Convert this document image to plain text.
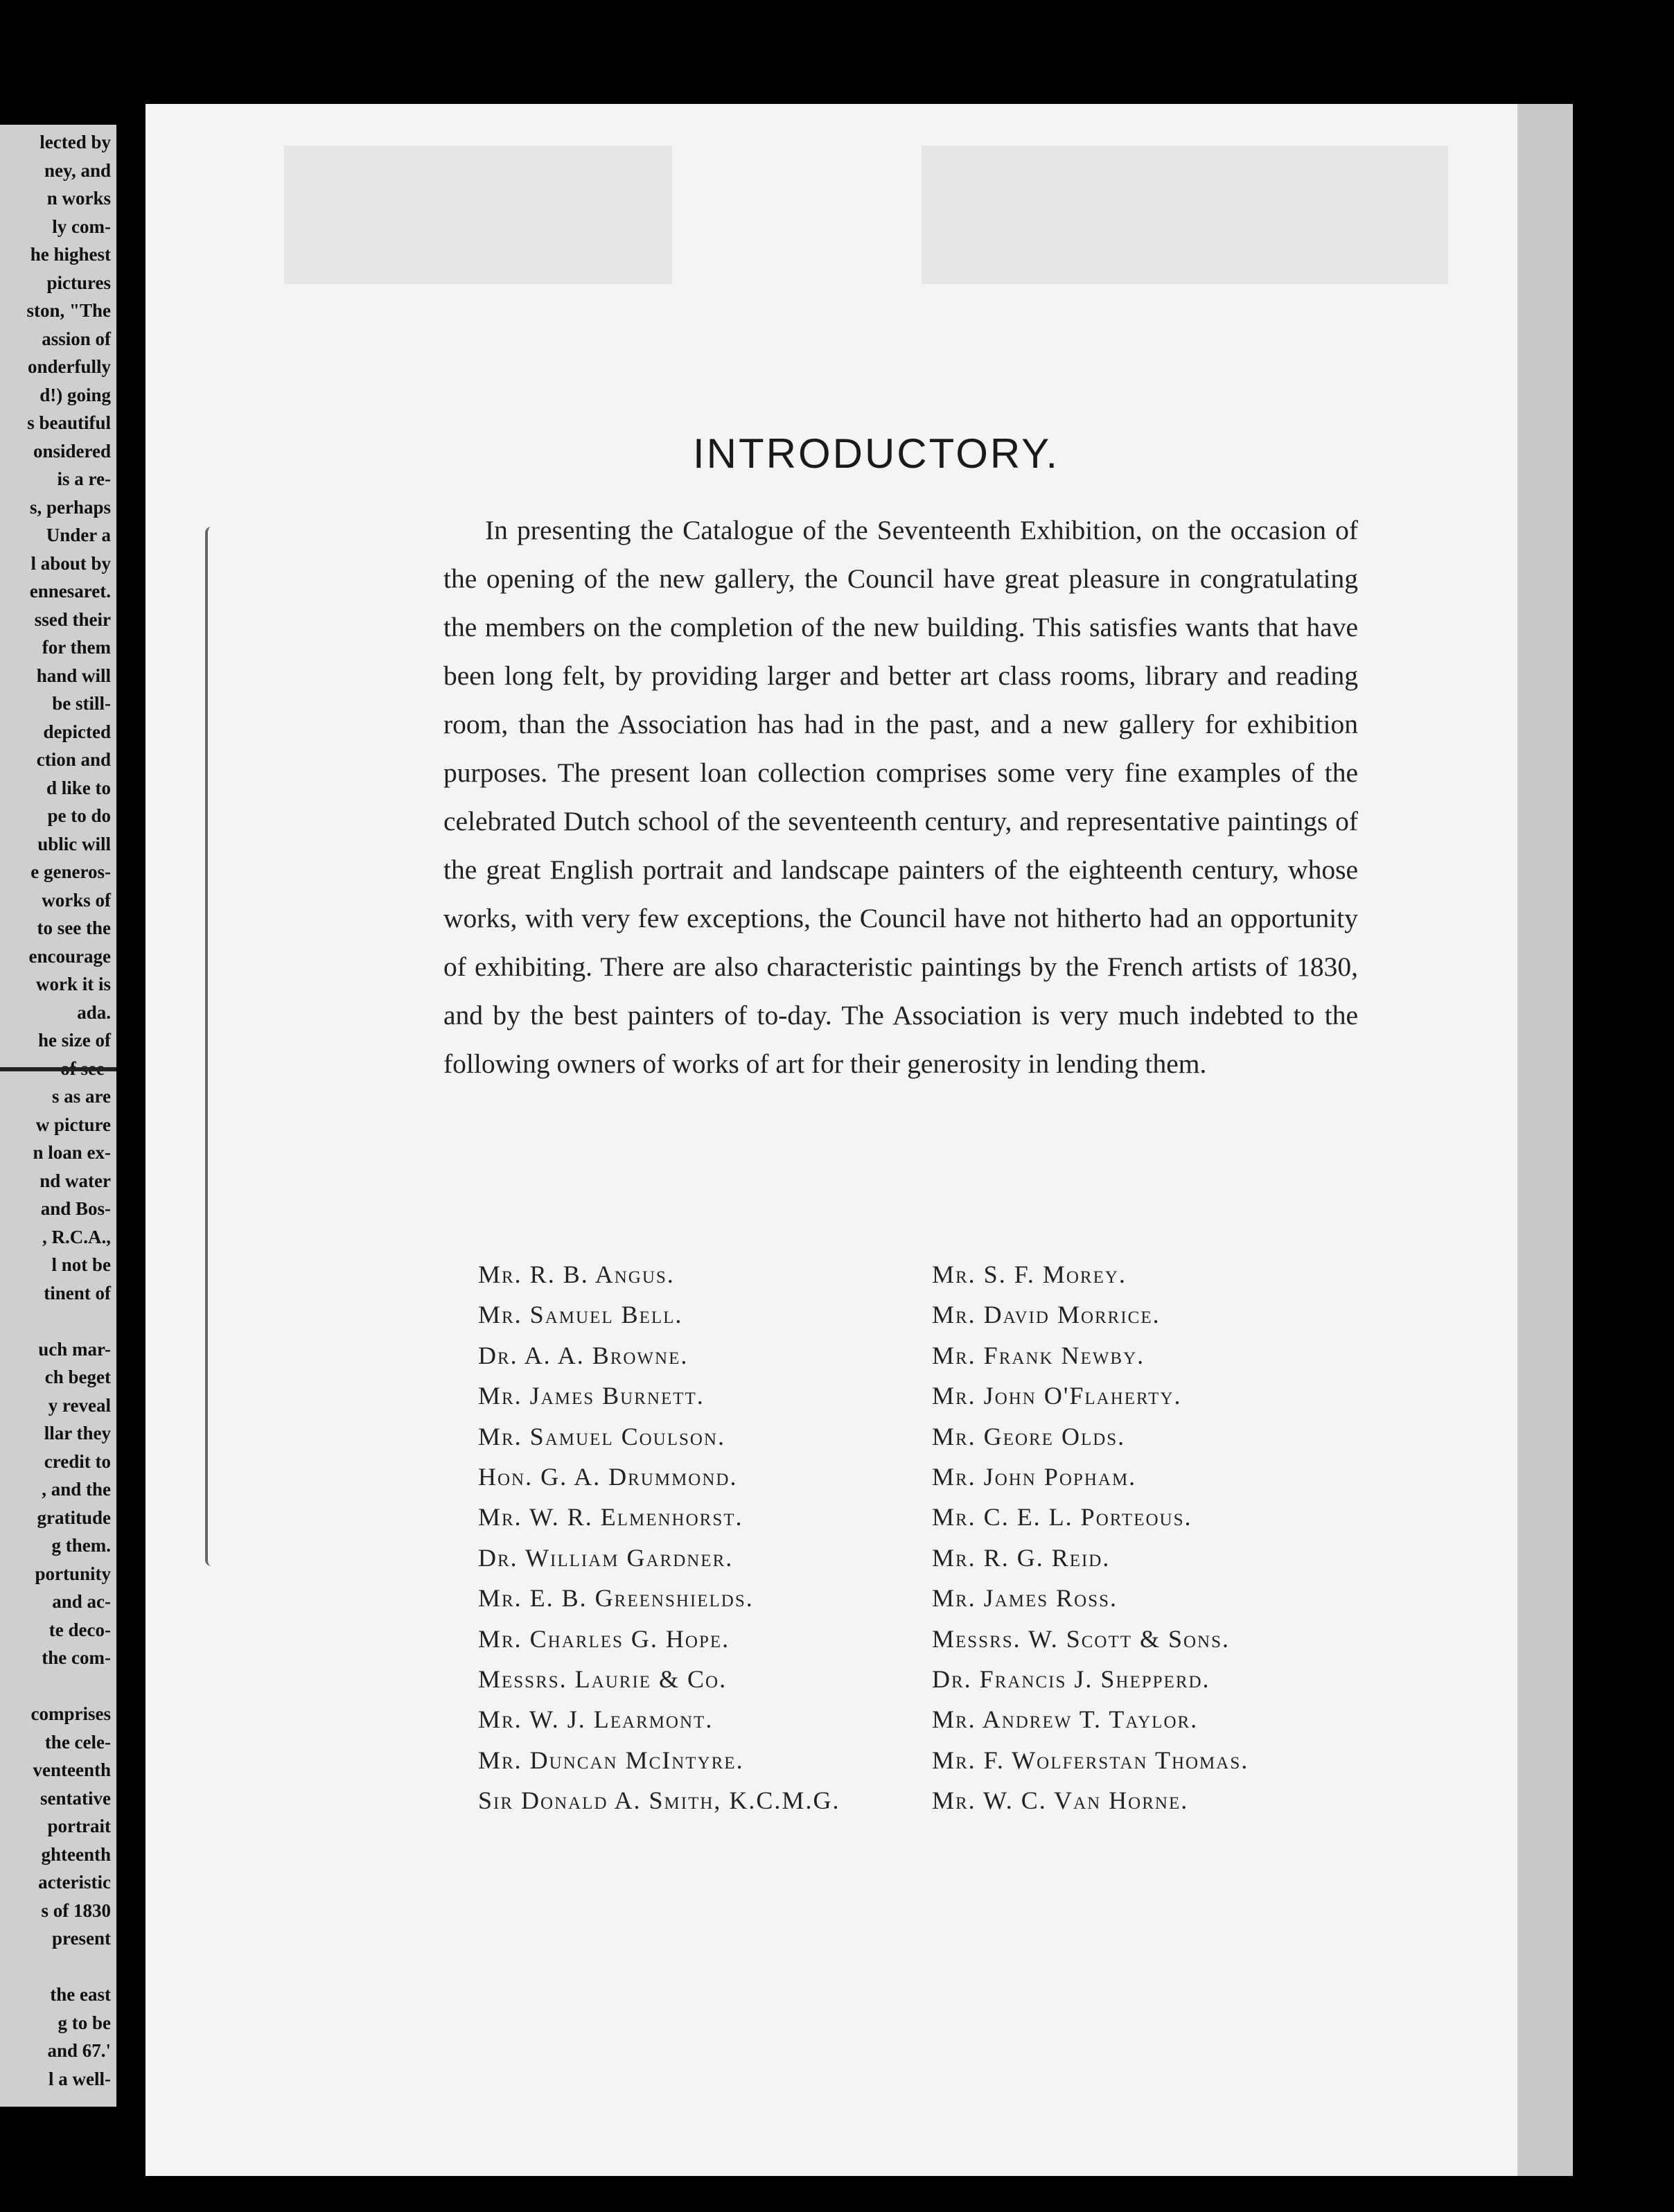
lected by
ney, and
n works
ly com-
he highest
pictures
ston, "The
assion of
onderfully
d!) going
s beautiful
onsidered
is a re-
s, perhaps
Under a
l about by
ennesaret.
ssed their
for them
hand will
be still-
depicted
ction and
d like to
pe to do
ublic will
e generos-
works of
to see the
encourage
work it is
ada.
he size of
s as are
w picture
n loan ex-
nd water
and Bos-
, R.C.A.,
l not be
tinent of
uch mar-
ch beget
y reveal
llar they
credit to
, and the
gratitude
g them.
portunity
and ac-
te deco-
the com-
comprises
the cele-
venteenth
sentative
portrait
ghteenth
acteristic
s of 1830
present
the east
g to be
and 67.'
l a well-
INTRODUCTORY.

In presenting the Catalogue of the Seventeenth Exhibition, on the occasion of the opening of the new gallery, the Council have great pleasure in congratulating the members on the completion of the new building. This satisfies wants that have been long felt, by providing larger and better art class rooms, library and reading room, than the Association has had in the past, and a new gallery for exhibition purposes. The present loan collection comprises some very fine examples of the celebrated Dutch school of the seventeenth century, and representative paintings of the great English portrait and landscape painters of the eighteenth century, whose works, with very few exceptions, the Council have not hitherto had an opportunity of exhibiting. There are also characteristic paintings by the French artists of 1830, and by the best painters of to-day. The Association is very much indebted to the following owners of works of art for their generosity in lending them.

Mr. R. B. Angus.
Mr. Samuel Bell.
Dr. A. A. Browne.
Mr. James Burnett.
Mr. Samuel Coulson.
Hon. G. A. Drummond.
Mr. W. R. Elmenhorst.
Dr. William Gardner.
Mr. E. B. Greenshields.
Mr. Charles G. Hope.
Messrs. Laurie & Co.
Mr. W. J. Learmont.
Mr. Duncan McIntyre.
Sir Donald A. Smith, K.C.M.G.
Mr. S. F. Morey.
Mr. David Morrice.
Mr. Frank Newby.
Mr. John O'Flaherty.
Mr. Geore Olds.
Mr. John Popham.
Mr. C. E. L. Porteous.
Mr. R. G. Reid.
Mr. James Ross.
Messrs. W. Scott & Sons.
Dr. Francis J. Shepperd.
Mr. Andrew T. Taylor.
Mr. F. Wolferstan Thomas.
Mr. W. C. Van Horne.
